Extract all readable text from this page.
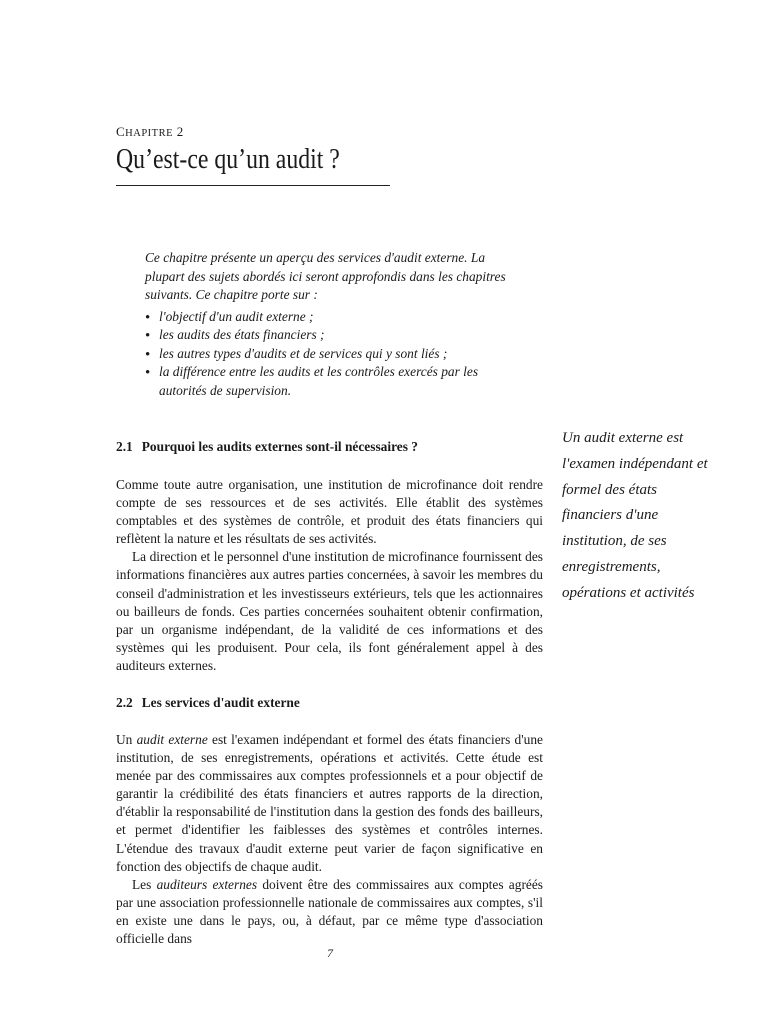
CHAPITRE 2
Qu’est-ce qu’un audit ?

Ce chapitre présente un aperçu des services d'audit externe. La plupart des sujets abordés ici seront approfondis dans les chapitres suivants. Ce chapitre porte sur :

• l'objectif d'un audit externe ;
• les audits des états financiers ;
• les autres types d'audits et de services qui y sont liés ;
• la différence entre les audits et les contrôles exercés par les autorités de supervision.
2.1 Pourquoi les audits externes sont-il nécessaires ?

Comme toute autre organisation, une institution de microfinance doit rendre compte de ses ressources et de ses activités. Elle établit des systèmes comptables et des systèmes de contrôle, et produit des états financiers qui reflètent la nature et les résultats de ses activités.

La direction et le personnel d'une institution de microfinance fournissent des informations financières aux autres parties concernées, à savoir les membres du conseil d'administration et les investisseurs extérieurs, tels que les actionnaires ou bailleurs de fonds. Ces parties concernées souhaitent obtenir confirmation, par un organisme indépendant, de la validité de ces informations et des systèmes qui les produisent. Pour cela, ils font généralement appel à des auditeurs externes.

2.2 Les services d'audit externe

Un audit externe est l'examen indépendant et formel des états financiers d'une institution, de ses enregistrements, opérations et activités. Cette étude est menée par des commissaires aux comptes professionnels et a pour objectif de garantir la crédibilité des états financiers et autres rapports de la direction, d'établir la responsabilité de l'institution dans la gestion des fonds des bailleurs, et permet d'identifier les faiblesses des systèmes et contrôles internes. L'étendue des travaux d'audit externe peut varier de façon significative en fonction des objectifs de chaque audit.

Les auditeurs externes doivent être des commissaires aux comptes agréés par une association professionnelle nationale de commissaires aux comptes, s'il en existe une dans le pays, ou, à défaut, par ce même type d'association officielle dans

Un audit externe est l'examen indépendant et formel des états financiers d'une institution, de ses enregistrements, opérations et activités
7
